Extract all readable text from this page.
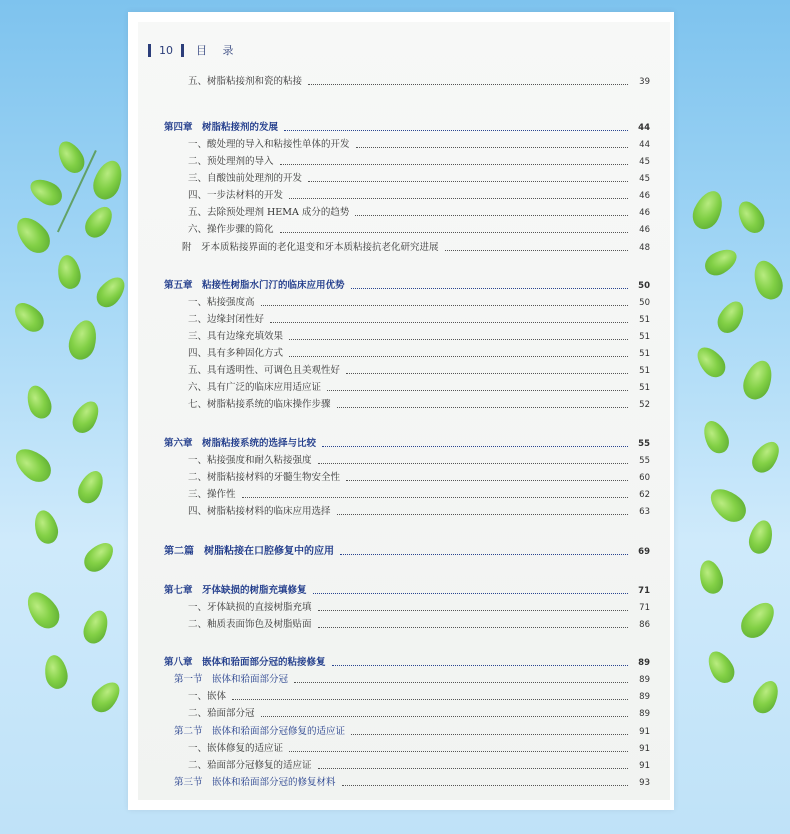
10 目 录
五、树脂粘接剂和瓷的粘接	39
第四章　树脂粘接剂的发展	44
一、酸处理的导入和粘接性单体的开发	44
二、预处理剂的导入	45
三、自酸蚀前处理剂的开发	45
四、一步法材料的开发	46
五、去除预处理剂 HEMA 成分的趋势	46
六、操作步骤的简化	46
附　牙本质粘接界面的老化退变和牙本质粘接抗老化研究进展	48
第五章　粘接性树脂水门汀的临床应用优势	50
一、粘接强度高	50
二、边缘封闭性好	51
三、具有边缘充填效果	51
四、具有多种固化方式	51
五、具有透明性、可调色且美观性好	51
六、具有广泛的临床应用适应证	51
七、树脂粘接系统的临床操作步骤	52
第六章　树脂粘接系统的选择与比较	55
一、粘接强度和耐久粘接强度	55
二、树脂粘接材料的牙髓生物安全性	60
三、操作性	62
四、树脂粘接材料的临床应用选择	63
第二篇　树脂粘接在口腔修复中的应用	69
第七章　牙体缺损的树脂充填修复	71
一、牙体缺损的直接树脂充填	71
二、釉质表面饰色及树脂贴面	86
第八章　嵌体和𬌗面部分冠的粘接修复	89
第一节　嵌体和𬌗面部分冠	89
一、嵌体	89
二、𬌗面部分冠	89
第二节　嵌体和𬌗面部分冠修复的适应证	91
一、嵌体修复的适应证	91
二、𬌗面部分冠修复的适应证	91
第三节　嵌体和𬌗面部分冠的修复材料	93
